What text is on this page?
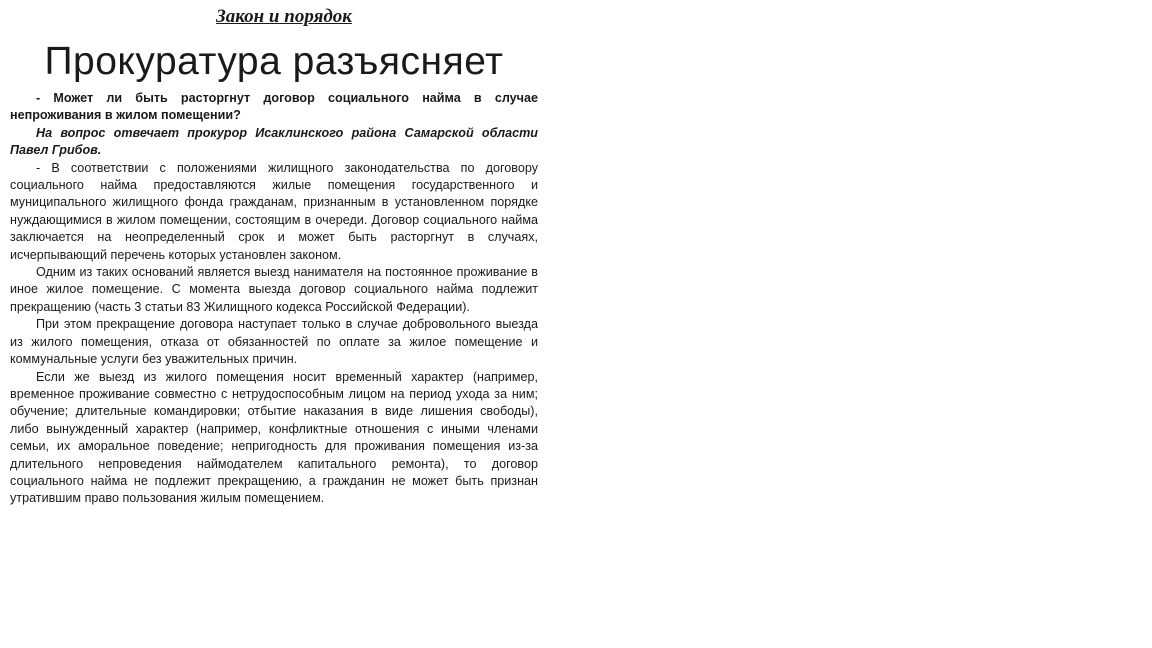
Закон и порядок
Прокуратура разъясняет

- Может ли быть расторгнут договор социального найма в случае непроживания в жилом помещении?

На вопрос отвечает прокурор Исаклинского района Самарской области Павел Грибов.

- В соответствии с положениями жилищного законодательства по договору социального найма предоставляются жилые помещения государственного и муниципального жилищного фонда гражданам, признанным в установленном порядке нуждающимися в жилом помещении, состоящим в очереди. Договор социального найма заключается на неопределенный срок и может быть расторгнут в случаях, исчерпывающий перечень которых установлен законом.

Одним из таких оснований является выезд нанимателя на постоянное проживание в иное жилое помещение. С момента выезда договор социального найма подлежит прекращению (часть 3 статьи 83 Жилищного кодекса Российской Федерации).

При этом прекращение договора наступает только в случае добровольного выезда из жилого помещения, отказа от обязанностей по оплате за жилое помещение и коммунальные услуги без уважительных причин.

Если же выезд из жилого помещения носит временный характер (например, временное проживание совместно с нетрудоспособным лицом на период ухода за ним; обучение; длительные командировки; отбытие наказания в виде лишения свободы), либо вынужденный характер (например, конфликтные отношения с иными членами семьи, их аморальное поведение; непригодность для проживания помещения из-за длительного непроведения наймодателем капитального ремонта), то договор социального найма не подлежит прекращению, а гражданин не может быть признан утратившим право пользования жилым помещением.
